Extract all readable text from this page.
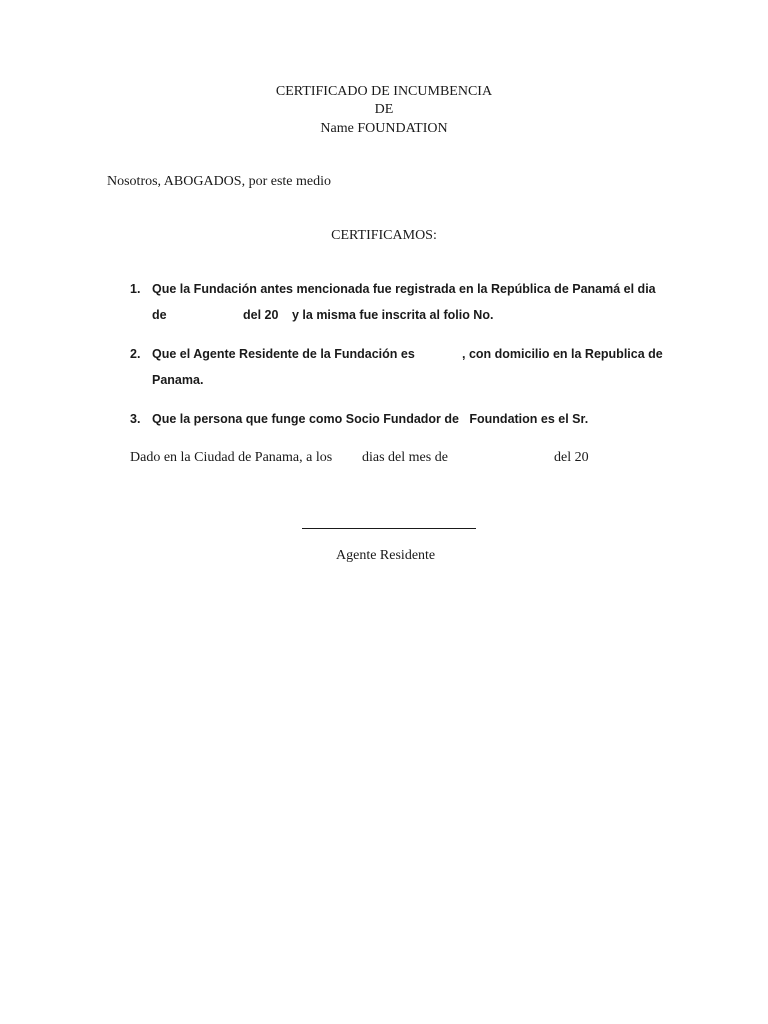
CERTIFICADO DE INCUMBENCIA
DE
Name FOUNDATION
Nosotros, ABOGADOS, por este medio
CERTIFICAMOS:
1. Que la Fundación antes mencionada fue registrada en la República de Panamá el dia
de	del 20 y la misma fue inscrita al folio No.
2. Que el Agente Residente de la Fundación es	, con domicilio en la Republica de
Panama.
3. Que la persona que funge como Socio Fundador de   Foundation es el Sr.
Dado en la Ciudad de Panama, a los dias del mes de	del 20
Agente Residente
